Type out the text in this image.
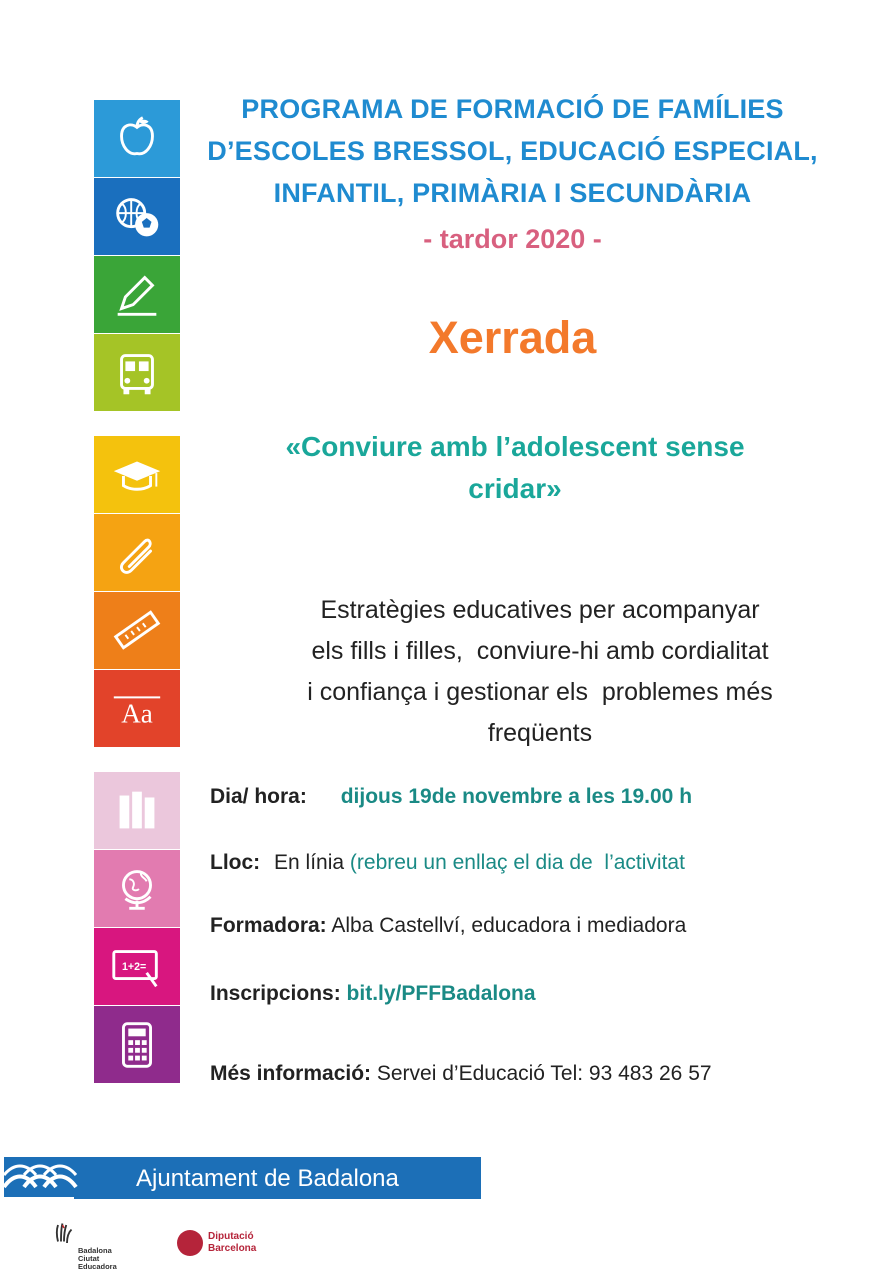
Aa
1+2=
PROGRAMA DE FORMACIÓ DE FAMÍLIES
D’ESCOLES BRESSOL, EDUCACIÓ ESPECIAL,
INFANTIL, PRIMÀRIA I SECUNDÀRIA
- tardor 2020 -
Xerrada
«Conviure amb l’adolescent sense
cridar»
Estratègies educatives per acompanyar
els fills i filles,  conviure-hi amb cordialitat
i confiança i gestionar els  problemes més
freqüents
Dia/ hora: dijous 19de novembre a les 19.00 h
Lloc: En línia (rebreu un enllaç el dia de  l’activitat
Formadora: Alba Castellví, educadora i mediadora
Inscripcions: bit.ly/PFFBadalona
Més informació: Servei d’Educació Tel: 93 483 26 57
Ajuntament de Badalona
Badalona
Ciutat Educadora
Diputació
Barcelona
